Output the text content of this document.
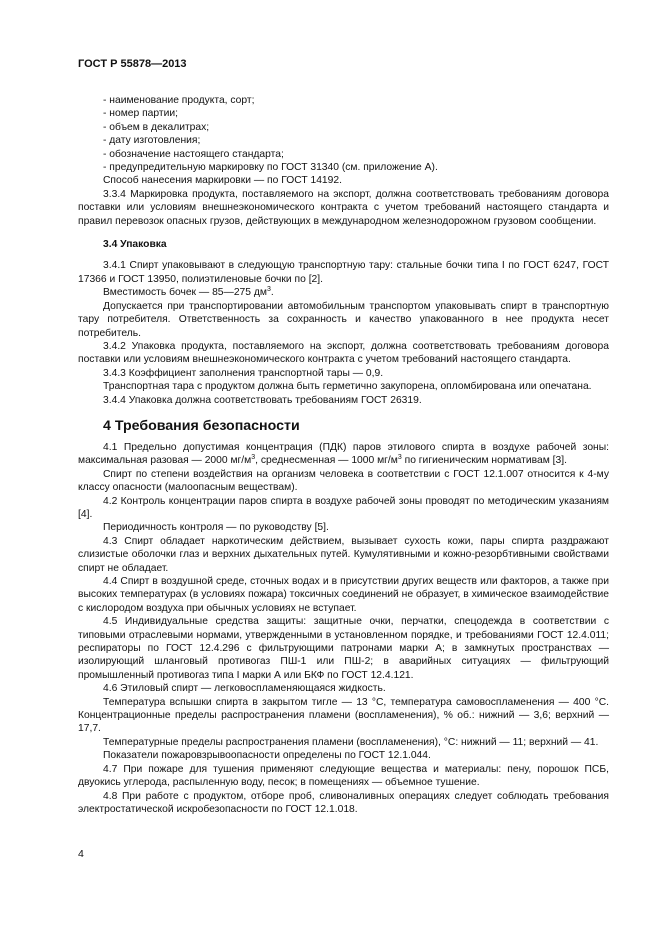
ГОСТ Р 55878—2013

- наименование продукта, сорт;

- номер партии;

- объем в декалитрах;

- дату изготовления;

- обозначение настоящего стандарта;

- предупредительную маркировку по ГОСТ 31340 (см. приложение А).

Способ нанесения маркировки — по ГОСТ 14192.

3.3.4 Маркировка продукта, поставляемого на экспорт, должна соответствовать требованиям договора поставки или условиям внешнеэкономического контракта с учетом требований настоящего стандарта и правил перевозок опасных грузов, действующих в международном железнодорожном грузовом сообщении.

3.4 Упаковка

3.4.1 Спирт упаковывают в следующую транспортную тару: стальные бочки типа I по ГОСТ 6247, ГОСТ 17366 и ГОСТ 13950, полиэтиленовые бочки по [2].

Вместимость бочек — 85—275 $дм^3$.

Допускается при транспортировании автомобильным транспортом упаковывать спирт в транспортную тару потребителя. Ответственность за сохранность и качество упакованного в нее продукта несет потребитель.

3.4.2 Упаковка продукта, поставляемого на экспорт, должна соответствовать требованиям договора поставки или условиям внешнеэкономического контракта с учетом требований настоящего стандарта.

3.4.3 Коэффициент заполнения транспортной тары — 0,9.

Транспортная тара с продуктом должна быть герметично закупорена, опломбирована или опечатана.

3.4.4 Упаковка должна соответствовать требованиям ГОСТ 26319.

4 Требования безопасности

4.1 Предельно допустимая концентрация (ПДК) паров этилового спирта в воздухе рабочей зоны: максимальная разовая — 2000 $мг/м^3$, среднесменная — 1000 $мг/м^3$ по гигиеническим нормативам [3].

Спирт по степени воздействия на организм человека в соответствии с ГОСТ 12.1.007 относится к 4-му классу опасности (малоопасным веществам).

4.2 Контроль концентрации паров спирта в воздухе рабочей зоны проводят по методическим указаниям [4].

Периодичность контроля — по руководству [5].

4.3 Спирт обладает наркотическим действием, вызывает сухость кожи, пары спирта раздражают слизистые оболочки глаз и верхних дыхательных путей. Кумулятивными и кожно-резорбтивными свойствами спирт не обладает.

4.4 Спирт в воздушной среде, сточных водах и в присутствии других веществ или факторов, а также при высоких температурах (в условиях пожара) токсичных соединений не образует, в химическое взаимодействие с кислородом воздуха при обычных условиях не вступает.

4.5 Индивидуальные средства защиты: защитные очки, перчатки, спецодежда в соответствии с типовыми отраслевыми нормами, утвержденными в установленном порядке, и требованиями ГОСТ 12.4.011; респираторы по ГОСТ 12.4.296 с фильтрующими патронами марки А; в замкнутых пространствах — изолирующий шланговый противогаз ПШ-1 или ПШ-2; в аварийных ситуациях — фильтрующий промышленный противогаз типа I марки А или БКФ по ГОСТ 12.4.121.

4.6 Этиловый спирт — легковоспламеняющаяся жидкость.

Температура вспышки спирта в закрытом тигле — 13 °С, температура самовоспламенения — 400 °С. Концентрационные пределы распространения пламени (воспламенения), % об.: нижний — 3,6; верхний — 17,7.

Температурные пределы распространения пламени (воспламенения), °С: нижний — 11; верхний — 41.

Показатели пожаровзрывоопасности определены по ГОСТ 12.1.044.

4.7 При пожаре для тушения применяют следующие вещества и материалы: пену, порошок ПСБ, двуокись углерода, распыленную воду, песок; в помещениях — объемное тушение.

4.8 При работе с продуктом, отборе проб, сливоналивных операциях следует соблюдать требования электростатической искробезопасности по ГОСТ 12.1.018.

4
